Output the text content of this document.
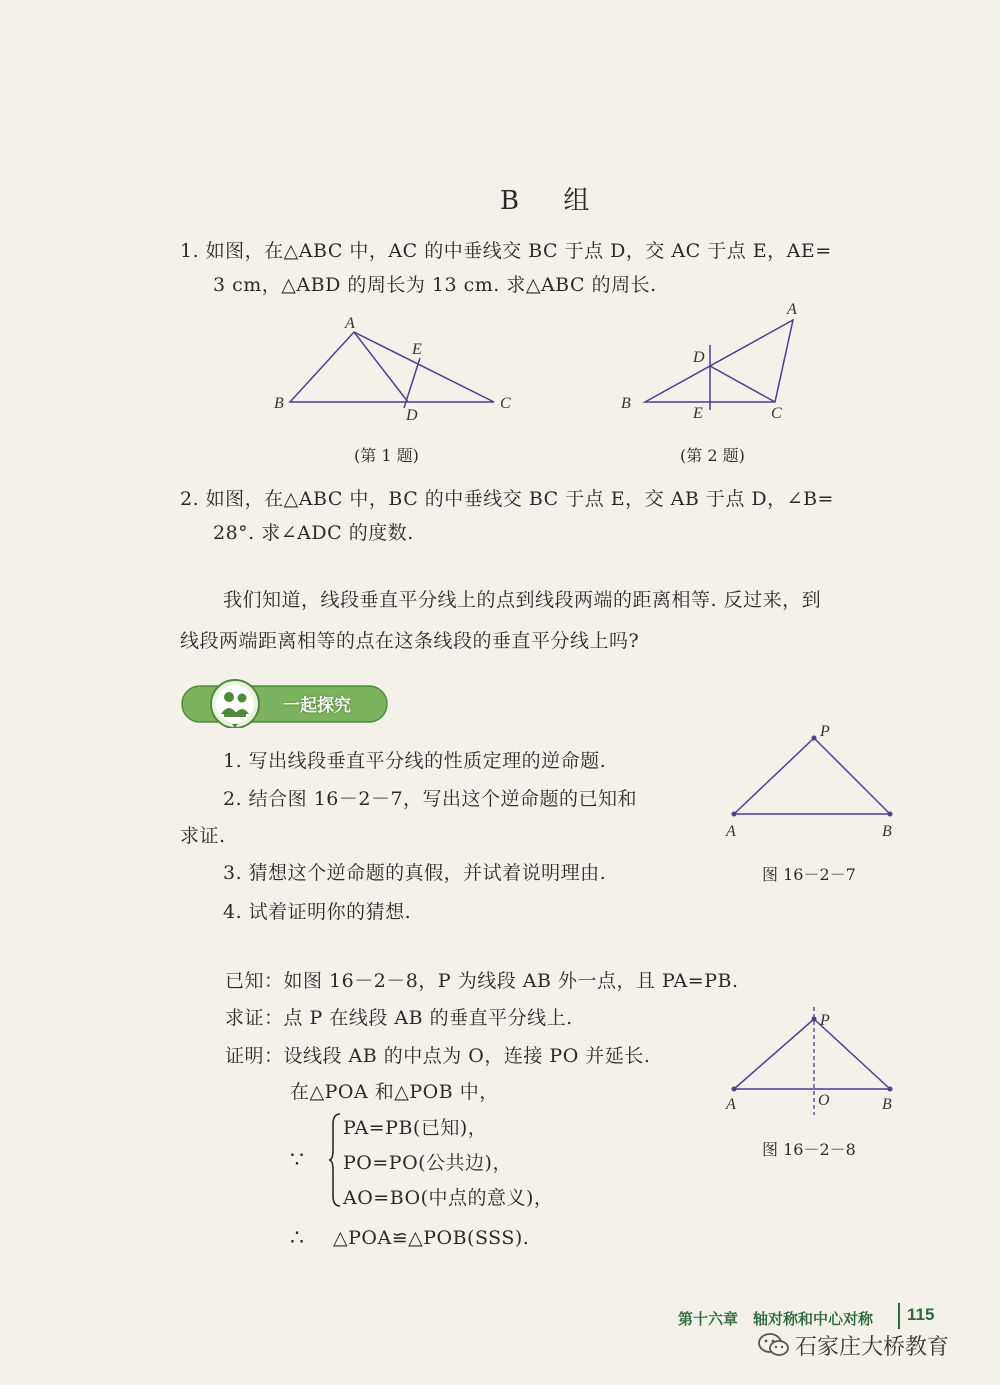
B 组
1. 如图，在△ABC 中，AC 的中垂线交 BC 于点 D，交 AC 于点 E，AE=
3 cm，△ABD 的周长为 13 cm. 求△ABC 的周长.
A
B	C
D
E
(第 1 题)
A
B
C
D
E
(第 2 题)
2. 如图，在△ABC 中，BC 的中垂线交 BC 于点 E，交 AB 于点 D，∠B=
28°. 求∠ADC 的度数.
我们知道，线段垂直平分线上的点到线段两端的距离相等. 反过来，到
线段两端距离相等的点在这条线段的垂直平分线上吗?
一起探究
1. 写出线段垂直平分线的性质定理的逆命题.
2. 结合图 16－2－7，写出这个逆命题的已知和
求证.
3. 猜想这个逆命题的真假，并试着说明理由.
4. 试着证明你的猜想.
P
A	B
图 16－2－7
已知：如图 16－2－8，P 为线段 AB 外一点，且 PA=PB.
求证：点 P 在线段 AB 的垂直平分线上.
证明：设线段 AB 的中点为 O，连接 PO 并延长.
在△POA 和△POB 中，
∵
PA=PB(已知)，
PO=PO(公共边)，
AO=BO(中点的意义)，
∴ △POA≌△POB(SSS).
P
A	B
O
图 16－2－8
第十六章　轴对称和中心对称 115
石家庄大桥教育
